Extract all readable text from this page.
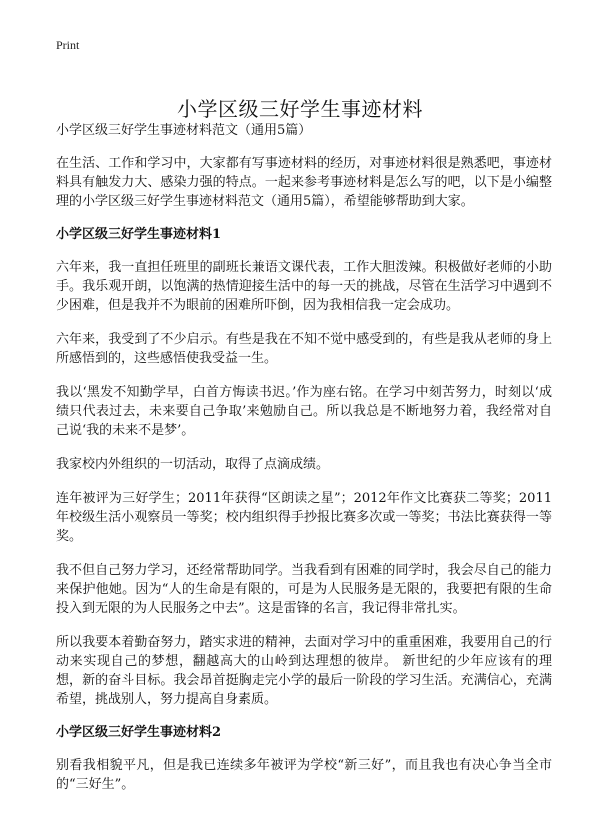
Print
小学区级三好学生事迹材料
小学区级三好学生事迹材料范文（通用5篇）

在生活、工作和学习中，大家都有写事迹材料的经历，对事迹材料很是熟悉吧，事迹材料具有触发力大、感染力强的特点。一起来参考事迹材料是怎么写的吧，以下是小编整理的小学区级三好学生事迹材料范文（通用5篇），希望能够帮助到大家。

小学区级三好学生事迹材料1

六年来，我一直担任班里的副班长兼语文课代表，工作大胆泼辣。积极做好老师的小助手。我乐观开朗，以饱满的热情迎接生活中的每一天的挑战，尽管在生活学习中遇到不少困难，但是我并不为眼前的困难所吓倒，因为我相信我一定会成功。

六年来，我受到了不少启示。有些是我在不知不觉中感受到的，有些是我从老师的身上所感悟到的，这些感悟使我受益一生。

我以‘黑发不知勤学早，白首方悔读书迟。’作为座右铭。在学习中刻苦努力，时刻以‘成绩只代表过去，未来要自己争取’来勉励自己。所以我总是不断地努力着，我经常对自己说‘我的未来不是梦’。

我家校内外组织的一切活动，取得了点滴成绩。

连年被评为三好学生；2011年获得“区朗读之星”；2012年作文比赛获二等奖；2011年校级生活小观察员一等奖；校内组织得手抄报比赛多次或一等奖；书法比赛获得一等奖。

我不但自己努力学习，还经常帮助同学。当我看到有困难的同学时，我会尽自己的能力来保护他她。因为“人的生命是有限的，可是为人民服务是无限的，我要把有限的生命投入到无限的为人民服务之中去”。这是雷锋的名言，我记得非常扎实。

所以我要本着勤奋努力，踏实求进的精神，去面对学习中的重重困难，我要用自己的行动来实现自己的梦想，翻越高大的山岭到达理想的彼岸。 新世纪的少年应该有的理想，新的奋斗目标。我会昂首挺胸走完小学的最后一阶段的学习生活。充满信心，充满希望，挑战别人，努力提高自身素质。

小学区级三好学生事迹材料2

别看我相貌平凡，但是我已连续多年被评为学校“新三好”，而且我也有决心争当全市的“三好生”。
